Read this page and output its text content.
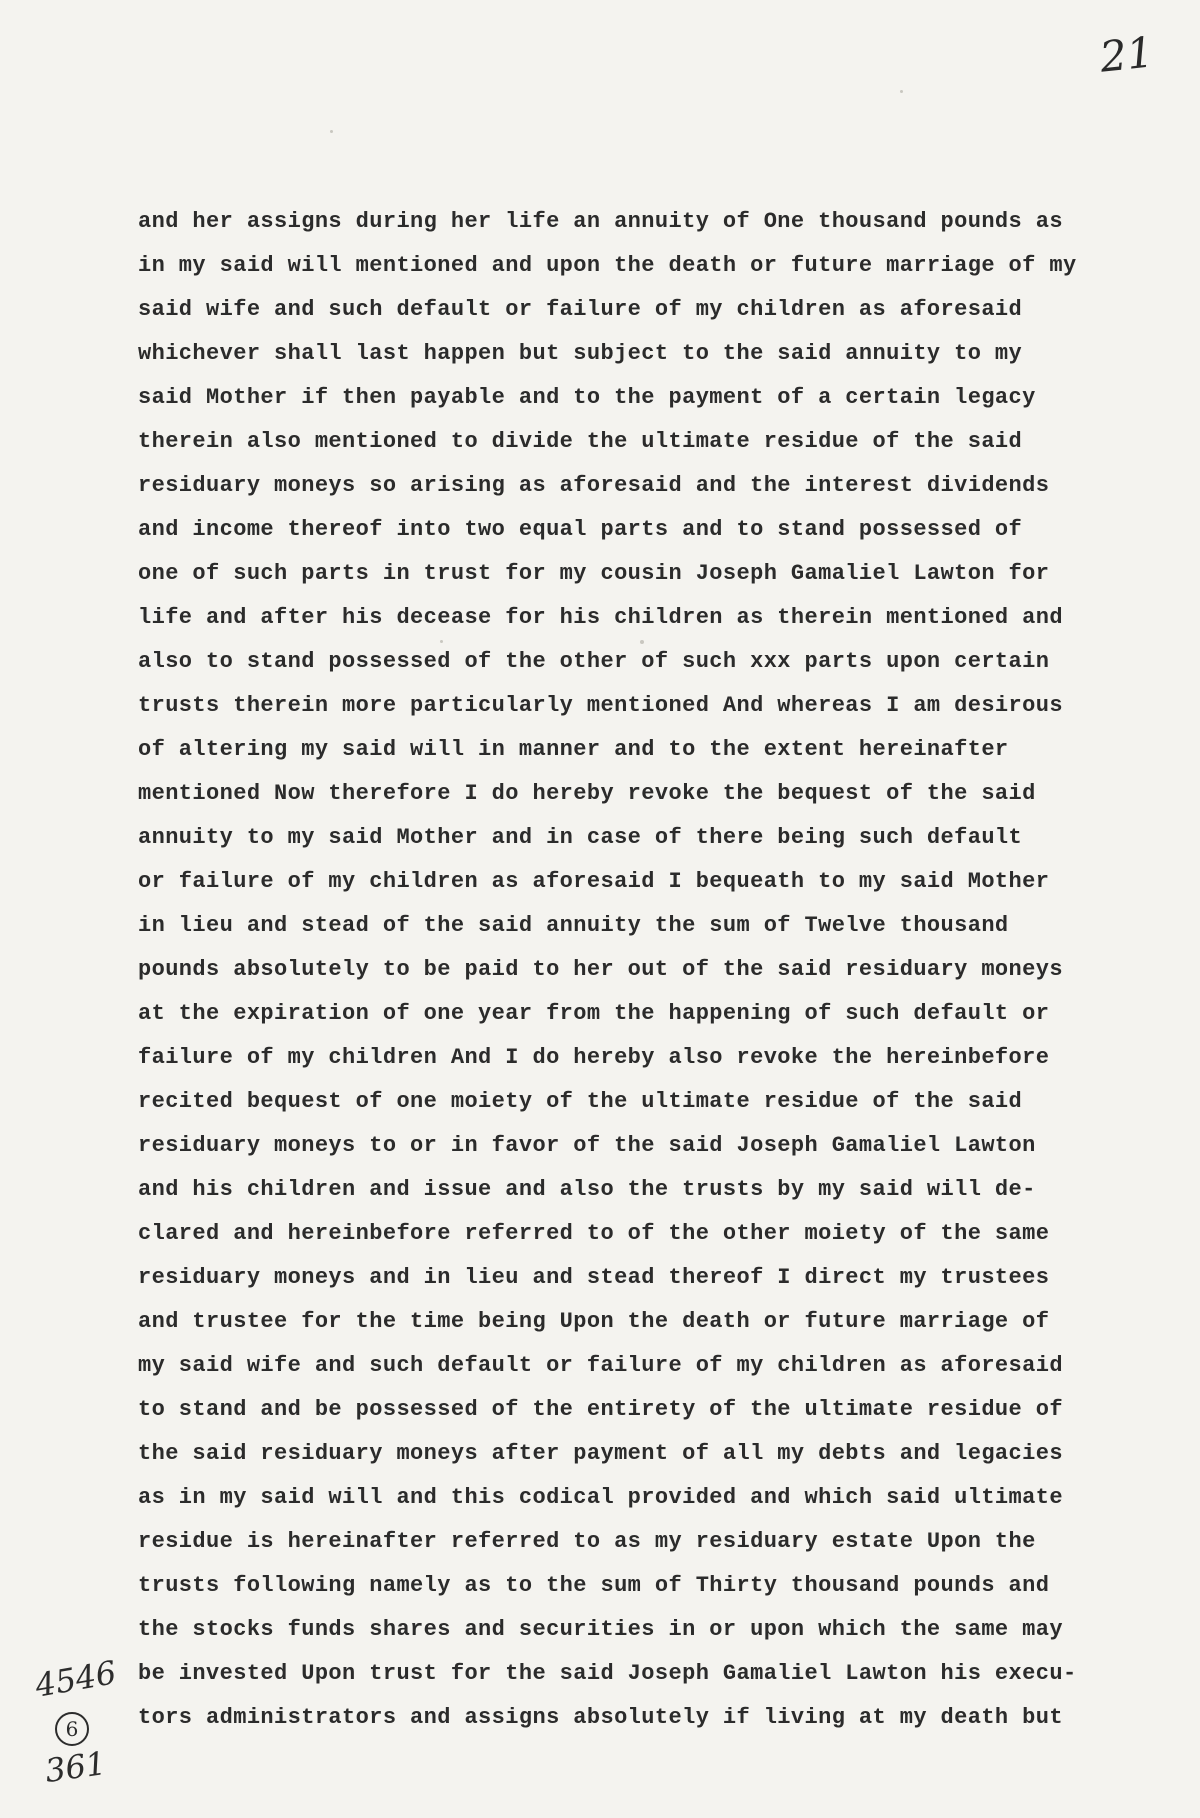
21
and her assigns during her life an annuity of One thousand pounds as
in my said will mentioned and upon the death or future marriage of my
said wife and such default or failure of my children as aforesaid
whichever shall last happen but subject to the said annuity to my
said Mother if then payable and to the payment of a certain legacy
therein also mentioned to divide the ultimate residue of the said
residuary moneys so arising as aforesaid and the interest dividends
and income thereof into two equal parts and to stand possessed of
one of such parts in trust for my cousin Joseph Gamaliel Lawton for
life and after his decease for his children as therein mentioned and
also to stand possessed of the other of such xxx parts upon certain
trusts therein more particularly mentioned And whereas I am desirous
of altering my said will in manner and to the extent hereinafter
mentioned Now therefore I do hereby revoke the bequest of the said
annuity to my said Mother and in case of there being such default
or failure of my children as aforesaid I bequeath to my said Mother
in lieu and stead of the said annuity the sum of Twelve thousand
pounds absolutely to be paid to her out of the said residuary moneys
at the expiration of one year from the happening of such default or
failure of my children And I do hereby also revoke the hereinbefore
recited bequest of one moiety of the ultimate residue of the said
residuary moneys to or in favor of the said Joseph Gamaliel Lawton
and his children and issue and also the trusts by my said will de-
clared and hereinbefore referred to of the other moiety of the same
residuary moneys and in lieu and stead thereof I direct my trustees
and trustee for the time being Upon the death or future marriage of
my said wife and such default or failure of my children as aforesaid
to stand and be possessed of the entirety of the ultimate residue of
the said residuary moneys after payment of all my debts and legacies
as in my said will and this codical provided and which said ultimate
residue is hereinafter referred to as my residuary estate Upon the
trusts following namely as to the sum of Thirty thousand pounds and
the stocks funds shares and securities in or upon which the same may
be invested Upon trust for the said Joseph Gamaliel Lawton his execu-
tors administrators and assigns absolutely if living at my death but
4546
6
361
